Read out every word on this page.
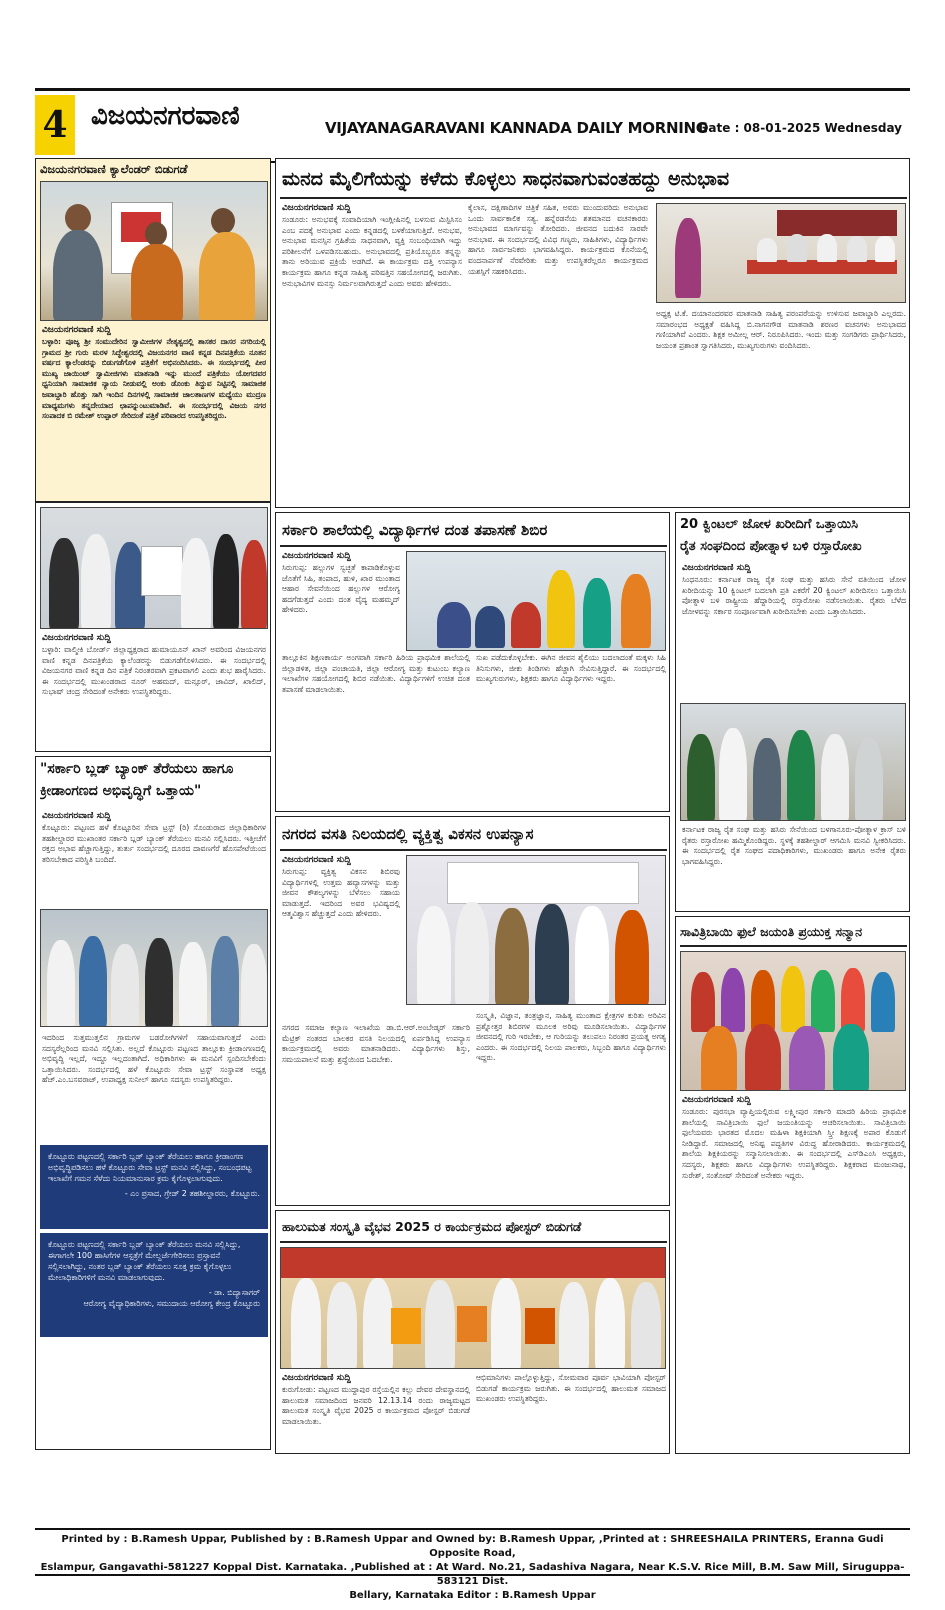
4 ವಿಜಯನಗರವಾಣಿ	VIJAYANAGARAVANI KANNADA DAILY MORNING
Date : 08-01-2025 Wednesday
ವಿಜಯನಗರವಾಣಿ ಕ್ಯಾಲೆಂಡರ್ ಬಿಡುಗಡೆ
ವಿಜಯನಗರವಾಣಿ ಸುದ್ದಿ
ಬಳ್ಳಾರಿ: ಪೂಜ್ಯ ಶ್ರೀ ಸಂಮುದೇರಿನ ಸ್ವಾಮೀಜಿಗಳ ನೇತೃತ್ವದಲ್ಲಿ ಶಾಸಕರ ದಾಸರ ನಗರಿಯಲ್ಲಿ ಗ್ರಾಮದ ಶ್ರೀ ಗುರು ಮರಳ ಸಿದ್ಧೇಶ್ವರದಲ್ಲಿ ವಿಜಯನಗರ ವಾಣಿ ಕನ್ನಡ ದಿನಪತ್ರಿಕೆಯ ನೂತನ ವರ್ಷದ ಕ್ಯಾಲೆಂಡರನ್ನು ಬಿಡುಗಡೆಗೊಳಿ ಪತ್ರಿಕೆಗೆ ಅಭಿನಂದಿಸಿದರು. ಈ ಸಂದರ್ಭದಲ್ಲಿ ಪೀಠ ಮುಖ್ಯ ಜಾಯಿಂಟ್ ಸ್ವಾಮೀಜಿಗಳು ಮಾತನಾಡಿ ಇನ್ನು ಮುಂದೆ ಪತ್ರಿಕೆಯು ಯೋಗದವರ ಧ್ವನಿಯಾಗಿ ಸಾಮಾಜಿಕ ನ್ಯಾಯ ನೀಡುವಲ್ಲಿ ಅಂಕು ಡೊಂಕು ತಿದ್ದುವ ನಿಟ್ಟಿನಲ್ಲಿ ಸಾಮಾಜಿಕ ಜವಾಬ್ದಾರಿ ಹೊತ್ತು ಸಾಗಿ ಇಂದಿನ ದಿನಗಳಲ್ಲಿ ಸಾಮಾಜಿಕ ಜಾಲತಾಣಗಳ ಮಧ್ಯೆಯು ಮುದ್ರಣ ಮಾಧ್ಯಮಗಳು ತನ್ನದೇಯಾದ ಛಾಪನ್ನುಂಟುಮಾಡಿವೆ. ಈ ಸಂದರ್ಭದಲ್ಲಿ ವಿಜಯ ನಗರ ಸಂಪಾದಕ ಬಿ ರಮೇಶ್ ಉಪ್ಪಾರ್ ಸೇರಿದಂತೆ ಪತ್ರಿಕೆ ಪರಿವಾರದ ಉಪಸ್ಥಿತರಿದ್ದರು.
ವಿಜಯನಗರವಾಣಿ ಸುದ್ದಿ
ಬಳ್ಳಾರಿ: ವಾಲ್ಮೀಕಿ ಬೋರ್ಡ್ ಜಿಲ್ಲಾಧ್ಯಕ್ಷರಾದ ಹುಮಾಯೂನ್ ಖಾನ್ ಅವರಿಂದ ವಿಜಯನಗರ ವಾಣಿ ಕನ್ನಡ ದಿನಪತ್ರಿಕೆಯ ಕ್ಯಾಲೆಂಡರನ್ನು ಬಿಡುಗಡೆಗೊಳಿಸಿದರು. ಈ ಸಂದರ್ಭದಲ್ಲಿ ವಿಜಯನಗರ ವಾಣಿ ಕನ್ನಡ ದಿನ ಪತ್ರಿಕೆ ನಿರಂತರವಾಗಿ ಪ್ರಕಟವಾಗಲಿ ಎಂದು ಶುಭ ಹಾರೈಸಿದರು. ಈ ಸಂದರ್ಭದಲ್ಲಿ ಮುಖಂಡರಾದ ನೂರ್ ಅಹಮದ್, ಮನ್ಸೂರ್, ಜಾವಿದ್, ಖಾಲಿದ್, ಸುಭಾಷ್ ಚಂದ್ರ ಸೇರಿದಂತೆ ಅನೇಕರು ಉಪಸ್ಥಿತರಿದ್ದರು.
"ಸರ್ಕಾರಿ ಬ್ಲಡ್ ಬ್ಯಾಂಕ್ ತೆರೆಯಲು ಹಾಗೂ
ಕ್ರೀಡಾಂಗಣದ ಅಭಿವೃದ್ಧಿಗೆ ಒತ್ತಾಯ"
ವಿಜಯನಗರವಾಣಿ ಸುದ್ದಿ
ಕೊಟ್ಟೂರು: ಪಟ್ಟಣದ ಹಳೆ ಕೊಟ್ಟೂರಿನ ಸೇವಾ ಟ್ರಸ್ಟ್ (ರಿ) ಸೊಂಡುರಾದ ಜಿಲ್ಲಾಧಿಕಾರಿಗಳ ತಹಶೀಲ್ದಾರರ ಮುಖಾಂತರ ಸರ್ಕಾರಿ ಬ್ಲಡ್ ಬ್ಯಾಂಕ್ ತೆರೆಯಲು ಮನವಿ ಸಲ್ಲಿಸಿದರು. ಇತ್ತೀಚೆಗೆ ರಕ್ತದ ಅಭಾವ ಹೆಚ್ಚಾಗುತ್ತಿದ್ದು, ತುರ್ತು ಸಂದರ್ಭದಲ್ಲಿ ದೂರದ ದಾವಣಗೆರೆ ಹೊಸಪೇಟೆಯಿಂದ ತರಿಸಬೇಕಾದ ಪರಿಸ್ಥಿತಿ ಬಂದಿದೆ.
ಇದರಿಂದ ಸುತ್ತಮುತ್ತಲಿನ ಗ್ರಾಮಗಳ ಬಡರೋಗಿಗಳಿಗೆ ಸಹಾಯವಾಗುತ್ತದೆ ಎಂದು ಸದಸ್ಯರೆಲ್ಲರಿಂದ ಮನವಿ ಸಲ್ಲಿಸಿತು. ಅಲ್ಲದೆ ಕೊಟ್ಟೂರು ಪಟ್ಟಣದ ತಾಲ್ಲೂಕು ಕ್ರೀಡಾಂಗಣದಲ್ಲಿ ಅಭಿವೃದ್ಧಿ ಇಲ್ಲದೆ, ಇದ್ದೂ ಇಲ್ಲದಂತಾಗಿದೆ. ಅಧಿಕಾರಿಗಳು ಈ ಮನವಿಗೆ ಸ್ಪಂದಿಸಬೇಕೆಂದು ಒತ್ತಾಯಿಸಿದರು. ಸಂದರ್ಭದಲ್ಲಿ ಹಳೆ ಕೊಟ್ಟೂರು ಸೇವಾ ಟ್ರಸ್ಟ್ ಸಂಸ್ಥಾಪಕ ಅಧ್ಯಕ್ಷ ಹೆಚ್.ಎಂ.ಬಸವರಾಜ್, ಉಪಾಧ್ಯಕ್ಷ ಸುನೀಲ್ ಹಾಗೂ ಸದಸ್ಯರು ಉಪಸ್ಥಿತರಿದ್ದರು.
ಕೊಟ್ಟೂರು ಪಟ್ಟಣದಲ್ಲಿ ಸರ್ಕಾರಿ ಬ್ಲಡ್ ಬ್ಯಾಂಕ್ ತೆರೆಯಲು ಹಾಗೂ ಕ್ರೀಡಾಂಗಣ ಅಭಿವೃದ್ಧಿಪಡಿಸಲು ಹಳೆ ಕೊಟ್ಟೂರು ಸೇವಾ ಟ್ರಸ್ಟ್ ಮನವಿ ಸಲ್ಲಿಸಿದ್ದು, ಸಂಬಂಧಪಟ್ಟ ಇಲಾಖೆಗೆ ಗಮನ ಸೆಳೆದು ನಿಯಮಾನುಸಾರ ಕ್ರಮ ಕೈಗೊಳ್ಳಲಾಗುವುದು.
- ಎಂ ಪ್ರಸಾದ, ಗ್ರೇಡ್ 2 ತಹಶೀಲ್ದಾರರು, ಕೊಟ್ಟೂರು.
ಕೊಟ್ಟೂರು ಪಟ್ಟಣದಲ್ಲಿ ಸರ್ಕಾರಿ ಬ್ಲಡ್ ಬ್ಯಾಂಕ್ ತೆರೆಯಲು ಮನವಿ ಸಲ್ಲಿಸಿದ್ದು, ಈಗಾಗಲೇ 100 ಹಾಸಿಗೆಗಳ ಆಸ್ಪತ್ರೆಗೆ ಮೇಲ್ದರ್ಜೆಗೇರಿಸಲು ಪ್ರಸ್ತಾವನೆ ಸಲ್ಲಿಸಲಾಗಿದ್ದು, ನಂತರ ಬ್ಲಡ್ ಬ್ಯಾಂಕ್ ತೆರೆಯಲು ಸೂಕ್ತ ಕ್ರಮ ಕೈಗೊಳ್ಳಲು ಮೇಲಾಧಿಕಾರಿಗಳಿಗೆ ಮನವಿ ಮಾಡಲಾಗುವುದು.
- ಡಾ. ಬಿದ್ಯಾಸಾಗರ್
ಆರೋಗ್ಯ ವೈದ್ಯಾಧಿಕಾರಿಗಳು, ಸಮುದಾಯ ಆರೋಗ್ಯ ಕೇಂದ್ರ ಕೊಟ್ಟೂರು
ಮನದ ಮೈಲಿಗೆಯನ್ನು ಕಳೆದು ಕೊಳ್ಳಲು ಸಾಧನವಾಗುವಂತಹದ್ದು ಅನುಭಾವ
ವಿಜಯನಗರವಾಣಿ ಸುದ್ದಿ
ಸಂಡೂರು: ಅನುಭವಕ್ಕೆ ಸಂವಾದಿಯಾಗಿ ಇಂಗ್ಲೀಷಿನಲ್ಲಿ ಬಳಸುವ ಮಿಸ್ಟಿಸಿಸಂ ಎಂಬ ಪದಕ್ಕೆ ಅನುಭಾವ ಎಂದು ಕನ್ನಡದಲ್ಲಿ ಬಳಕೆಯಾಗುತ್ತಿದೆ. ಅನುಭವ, ಅನುಭಾವ ಮನಸ್ಸಿನ ಗ್ರಹಿಕೆಯ ಸಾಧನವಾಗಿ, ವ್ಯಕ್ತಿ ಸಂಬಂಧಿಯಾಗಿ ಇದ್ದು ಪರಿಶೀಲನೆಗೆ ಒಳಪಡಿಸಬಹುದು. ಅನುಭಾವದಲ್ಲಿ ಪ್ರತಿಯೊಬ್ಬರೂ ತನ್ನನ್ನು ತಾನು ಅರಿಯುವ ಪ್ರಕ್ರಿಯೆ ಅಡಗಿದೆ. ಈ ಕಾರ್ಯಕ್ರಮ ದತ್ತಿ ಉಪನ್ಯಾಸ ಕಾರ್ಯಕ್ರಮ ಹಾಗೂ ಕನ್ನಡ ಸಾಹಿತ್ಯ ಪರಿಷತ್ತಿನ ಸಹಯೋಗದಲ್ಲಿ ಜರುಗಿತು. ಅನುಭಾವಿಗಳ ಮನಸ್ಸು ನಿರ್ಮಲವಾಗಿರುತ್ತದೆ ಎಂದು ಅವರು ಹೇಳಿದರು.
ಕೈಲಾಸ, ದಕ್ಷಿಣಾದಿಗಳ ಚಿತ್ರಿಕೆ ಸಹಿತ, ಅವರು ಮುಂದುವರಿದು ಅನುಭಾವ ಒಂದು ಸಾರ್ವಕಾಲಿಕ ಸತ್ಯ. ಹನ್ನೆರಡನೆಯ ಶತಮಾನದ ವಚನಕಾರರು ಅನುಭಾವದ ಮಾರ್ಗವನ್ನು ತೋರಿದರು. ಜೀವನದ ಬದುಕಿನ ಸಾರವೇ ಅನುಭಾವ. ಈ ಸಂದರ್ಭದಲ್ಲಿ ವಿವಿಧ ಗಣ್ಯರು, ಸಾಹಿತಿಗಳು, ವಿದ್ಯಾರ್ಥಿಗಳು ಹಾಗೂ ಸಾರ್ವಜನಿಕರು ಭಾಗವಹಿಸಿದ್ದರು. ಕಾರ್ಯಕ್ರಮದ ಕೊನೆಯಲ್ಲಿ ವಂದನಾರ್ಪಣೆ ನೆರವೇರಿತು ಮತ್ತು ಉಪಸ್ಥಿತರೆಲ್ಲರೂ ಕಾರ್ಯಕ್ರಮದ ಯಶಸ್ಸಿಗೆ ಸಹಕರಿಸಿದರು.
ಅಧ್ಯಕ್ಷ ಟಿ.ಕೆ. ದಯಾನಂದರವರ ಮಾತನಾಡಿ ಸಾಹಿತ್ಯ ಪರಂಪರೆಯನ್ನು ಉಳಿಸುವ ಜವಾಬ್ದಾರಿ ಎಲ್ಲರದು. ಸಮಾರಂಭದ ಅಧ್ಯಕ್ಷತೆ ವಹಿಸಿದ್ದ ಬಿ.ನಾಗನಗೌಡ ಮಾತನಾಡಿ ಶರಣರ ವಚನಗಳು ಅನುಭಾವದ ಗಣಿಯಾಗಿವೆ ಎಂದರು. ಶಿಕ್ಷಕ ಅಮೀಲ್ಲ ಆರ್. ನಿರೂಪಿಸಿದರು. ಇಂದು ಮತ್ತು ಸಂಗಡಿಗರು ಪ್ರಾರ್ಥಿಸಿದರು, ಜಯಂತ ಪ್ರಶಾಂತ ಸ್ವಾಗತಿಸಿದರು, ಮುಖ್ಯಗುರುಗಳು ವಂದಿಸಿದರು.
ಸರ್ಕಾರಿ ಶಾಲೆಯಲ್ಲಿ ವಿದ್ಯಾರ್ಥಿಗಳ ದಂತ ತಪಾಸಣೆ ಶಿಬಿರ
ವಿಜಯನಗರವಾಣಿ ಸುದ್ದಿ
ಸಿರುಗುಪ್ಪ: ಹಲ್ಲುಗಳ ಸ್ವಚ್ಛತೆ ಕಾಪಾಡಿಕೊಳ್ಳುವ ಜೊತೆಗೆ ಸಿಹಿ, ತಂಪಾದ, ಹುಳಿ, ಖಾರ ಮುಂತಾದ ಆಹಾರ ಸೇವನೆಯಿಂದ ಹಲ್ಲುಗಳ ಆರೋಗ್ಯ ಹದಗೆಡುತ್ತದೆ ಎಂದು ದಂತ ವೈದ್ಯ ಮಹಮ್ಮದ್ ಹೇಳಿದರು.
ತಾಲ್ಲೂಕಿನ ಶಿಕ್ಷಣಕಾರ್ಯ ಅಂಗವಾಗಿ ಸರ್ಕಾರಿ ಹಿರಿಯ ಪ್ರಾಥಮಿಕ ಶಾಲೆಯಲ್ಲಿ ಜಿಲ್ಲಾಡಳಿತ, ಜಿಲ್ಲಾ ಪಂಚಾಯತಿ, ಜಿಲ್ಲಾ ಆರೋಗ್ಯ ಮತ್ತು ಕುಟುಂಬ ಕಲ್ಯಾಣ ಇಲಾಖೆಗಳ ಸಹಯೋಗದಲ್ಲಿ ಶಿಬಿರ ನಡೆಯಿತು. ವಿದ್ಯಾರ್ಥಿಗಳಿಗೆ ಉಚಿತ ದಂತ ತಪಾಸಣೆ ಮಾಡಲಾಯಿತು.
ಸುಖ ಪಡೆದುಕೊಳ್ಳಬೇಕು. ಈಗಿನ ಜೀವನ ಶೈಲಿಯು ಬದಲಾದಂತೆ ಮಕ್ಕಳು ಸಿಹಿ ತಿನಿಸುಗಳು, ಜೀಕು ತಿಂಡಿಗಳು ಹೆಚ್ಚಾಗಿ ಸೇವಿಸುತ್ತಿದ್ದಾರೆ. ಈ ಸಂದರ್ಭದಲ್ಲಿ ಮುಖ್ಯಗುರುಗಳು, ಶಿಕ್ಷಕರು ಹಾಗೂ ವಿದ್ಯಾರ್ಥಿಗಳು ಇದ್ದರು.
ನಗರದ ವಸತಿ ನಿಲಯದಲ್ಲಿ ವ್ಯಕ್ತಿತ್ವ ವಿಕಸನ ಉಪನ್ಯಾಸ
ವಿಜಯನಗರವಾಣಿ ಸುದ್ದಿ
ಸಿರುಗುಪ್ಪ: ವ್ಯಕ್ತಿತ್ವ ವಿಕಸನ ಶಿಬಿರವು ವಿದ್ಯಾರ್ಥಿಗಳಲ್ಲಿ ಉತ್ತಮ ಹವ್ಯಾಸಗಳನ್ನು ಮತ್ತು ಜೀವನ ಕೌಶಲ್ಯಗಳನ್ನು ಬೆಳೆಸಲು ಸಹಾಯ ಮಾಡುತ್ತದೆ. ಇದರಿಂದ ಅವರ ಭವಿಷ್ಯದಲ್ಲಿ ಆತ್ಮವಿಶ್ವಾಸ ಹೆಚ್ಚುತ್ತದೆ ಎಂದು ಹೇಳಿದರು.
ನಗರದ ಸಮಾಜ ಕಲ್ಯಾಣ ಇಲಾಖೆಯ ಡಾ.ಬಿ.ಆರ್.ಅಂಬೇಡ್ಕರ್ ಸರ್ಕಾರಿ ಮೆಟ್ರಿಕ್ ನಂತರದ ಬಾಲಕರ ವಸತಿ ನಿಲಯದಲ್ಲಿ ಏರ್ಪಡಿಸಿದ್ದ ಉಪನ್ಯಾಸ ಕಾರ್ಯಕ್ರಮದಲ್ಲಿ ಅವರು ಮಾತನಾಡಿದರು. ವಿದ್ಯಾರ್ಥಿಗಳು ಶಿಸ್ತು, ಸಮಯಪಾಲನೆ ಮತ್ತು ಶ್ರದ್ಧೆಯಿಂದ ಓದಬೇಕು.
ಸಂಸ್ಕೃತಿ, ವಿಜ್ಞಾನ, ತಂತ್ರಜ್ಞಾನ, ಸಾಹಿತ್ಯ ಮುಂತಾದ ಕ್ಷೇತ್ರಗಳ ಕುರಿತು ಅರಿವಿನ ಪ್ರಶ್ನೋತ್ತರ ಶಿಬಿರಗಳ ಮೂಲಕ ಅರಿವು ಮೂಡಿಸಲಾಯಿತು. ವಿದ್ಯಾರ್ಥಿಗಳ ಜೀವನದಲ್ಲಿ ಗುರಿ ಇರಬೇಕು, ಆ ಗುರಿಯನ್ನು ತಲುಪಲು ನಿರಂತರ ಪ್ರಯತ್ನ ಅಗತ್ಯ ಎಂದರು. ಈ ಸಂದರ್ಭದಲ್ಲಿ ನಿಲಯ ಪಾಲಕರು, ಸಿಬ್ಬಂದಿ ಹಾಗೂ ವಿದ್ಯಾರ್ಥಿಗಳು ಇದ್ದರು.
20 ಕ್ವಿಂಟಲ್ ಜೋಳ ಖರೀದಿಗೆ ಒತ್ತಾಯಿಸಿ
ರೈತ ಸಂಘದಿಂದ ಪೋತ್ನಾಳ ಬಳಿ ರಸ್ತಾರೋಖ
ವಿಜಯನಗರವಾಣಿ ಸುದ್ದಿ
ಸಿಂಧನೂರು: ಕರ್ನಾಟಕ ರಾಜ್ಯ ರೈತ ಸಂಘ ಮತ್ತು ಹಸಿರು ಸೇನೆ ವತಿಯಿಂದ ಜೋಳ ಖರೀದಿಯನ್ನು 10 ಕ್ವಿಂಟಲ್ ಬದಲಾಗಿ ಪ್ರತಿ ಎಕರೆಗೆ 20 ಕ್ವಿಂಟಲ್ ಖರೀದಿಸಲು ಒತ್ತಾಯಿಸಿ ಪೋತ್ನಾಳ ಬಳಿ ರಾಷ್ಟ್ರೀಯ ಹೆದ್ದಾರಿಯಲ್ಲಿ ರಸ್ತಾರೋಖ ನಡೆಸಲಾಯಿತು. ರೈತರು ಬೆಳೆದ ಜೋಳವನ್ನು ಸರ್ಕಾರ ಸಂಪೂರ್ಣವಾಗಿ ಖರೀದಿಸಬೇಕು ಎಂದು ಒತ್ತಾಯಿಸಿದರು.
ಕರ್ನಾಟಕ ರಾಜ್ಯ ರೈತ ಸಂಘ ಮತ್ತು ಹಸಿರು ಸೇನೆಯಿಂದ ಬಳಗಾನೂರು-ಪೋತ್ನಾಳ ಕ್ರಾಸ್ ಬಳಿ ರೈತರು ರಸ್ತಾರೋಖ ಹಮ್ಮಿಕೊಂಡಿದ್ದರು. ಸ್ಥಳಕ್ಕೆ ತಹಶೀಲ್ದಾರ್ ಆಗಮಿಸಿ ಮನವಿ ಸ್ವೀಕರಿಸಿದರು. ಈ ಸಂದರ್ಭದಲ್ಲಿ ರೈತ ಸಂಘದ ಪದಾಧಿಕಾರಿಗಳು, ಮುಖಂಡರು ಹಾಗೂ ಅನೇಕ ರೈತರು ಭಾಗವಹಿಸಿದ್ದರು.
ಸಾವಿತ್ರಿಬಾಯಿ ಫುಲೆ ಜಯಂತಿ ಪ್ರಯುಕ್ತ ಸನ್ಮಾನ
ವಿಜಯನಗರವಾಣಿ ಸುದ್ದಿ
ಸಂಡೂರು: ಪುರಸಭಾ ವ್ಯಾಪ್ತಿಯಲ್ಲಿರುವ ಲಕ್ಷ್ಮೀಪುರ ಸರ್ಕಾರಿ ಮಾದರಿ ಹಿರಿಯ ಪ್ರಾಥಮಿಕ ಶಾಲೆಯಲ್ಲಿ ಸಾವಿತ್ರಿಬಾಯಿ ಫುಲೆ ಜಯಂತಿಯನ್ನು ಆಚರಿಸಲಾಯಿತು. ಸಾವಿತ್ರಿಬಾಯಿ ಫುಲೆಯವರು ಭಾರತದ ಮೊದಲ ಮಹಿಳಾ ಶಿಕ್ಷಕಿಯಾಗಿ ಸ್ತ್ರೀ ಶಿಕ್ಷಣಕ್ಕೆ ಅಪಾರ ಕೊಡುಗೆ ನೀಡಿದ್ದಾರೆ. ಸಮಾಜದಲ್ಲಿ ಅನಿಷ್ಟ ಪದ್ಧತಿಗಳ ವಿರುದ್ಧ ಹೋರಾಡಿದರು. ಕಾರ್ಯಕ್ರಮದಲ್ಲಿ ಶಾಲೆಯ ಶಿಕ್ಷಕಿಯರನ್ನು ಸನ್ಮಾನಿಸಲಾಯಿತು. ಈ ಸಂದರ್ಭದಲ್ಲಿ ಎಸ್‌ಡಿಎಂಸಿ ಅಧ್ಯಕ್ಷರು, ಸದಸ್ಯರು, ಶಿಕ್ಷಕರು ಹಾಗೂ ವಿದ್ಯಾರ್ಥಿಗಳು ಉಪಸ್ಥಿತರಿದ್ದರು. ಶಿಕ್ಷಕರಾದ ಮಂಜುನಾಥ, ಸುರೇಶ್, ಸಂತೋಷ್ ಸೇರಿದಂತೆ ಅನೇಕರು ಇದ್ದರು.
ಹಾಲುಮತ ಸಂಸ್ಕೃತಿ ವೈಭವ 2025 ರ ಕಾರ್ಯಕ್ರಮದ ಪೋಸ್ಟರ್ ಬಿಡುಗಡೆ
ವಿಜಯನಗರವಾಣಿ ಸುದ್ದಿ
ಕುರುಗೋಡು: ಪಟ್ಟಣದ ಮುದ್ದಾಪುರ ರಸ್ತೆಯಲ್ಲಿನ ಕಲ್ಲು ದೇವರ ದೇವಸ್ಥಾನದಲ್ಲಿ ಹಾಲುಮತ ಸಮಾಜದಿಂದ ಜನವರಿ 12.13.14 ರಂದು ರಾಜ್ಯಮಟ್ಟದ ಹಾಲುಮತ ಸಂಸ್ಕೃತಿ ವೈಭವ 2025 ರ ಕಾರ್ಯಕ್ರಮದ ಪೋಸ್ಟರ್ ಬಿಡುಗಡೆ ಮಾಡಲಾಯಿತು.
ಆಭಿಮಾನಿಗಳು ಪಾಲ್ಗೊಳ್ಳುತ್ತಿದ್ದು, ಸೋಮವಾರ ಪೂರ್ವ ಭಾವಿಯಾಗಿ ಪೋಸ್ಟರ್ ಬಿಡುಗಡೆ ಕಾರ್ಯಕ್ರಮ ಜರುಗಿತು. ಈ ಸಂದರ್ಭದಲ್ಲಿ ಹಾಲುಮತ ಸಮಾಜದ ಮುಖಂಡರು ಉಪಸ್ಥಿತರಿದ್ದರು.
Printed by : B.Ramesh Uppar, Published by : B.Ramesh Uppar and Owned by: B.Ramesh Uppar, ,Printed at : SHREESHAILA PRINTERS, Eranna Gudi Opposite Road,
Eslampur, Gangavathi-581227 Koppal Dist. Karnataka. ,Published at : At Ward. No.21, Sadashiva Nagara, Near K.S.V. Rice Mill, B.M. Saw Mill, Siruguppa-583121 Dist.
Bellary, Karnataka Editor : B.Ramesh Uppar
